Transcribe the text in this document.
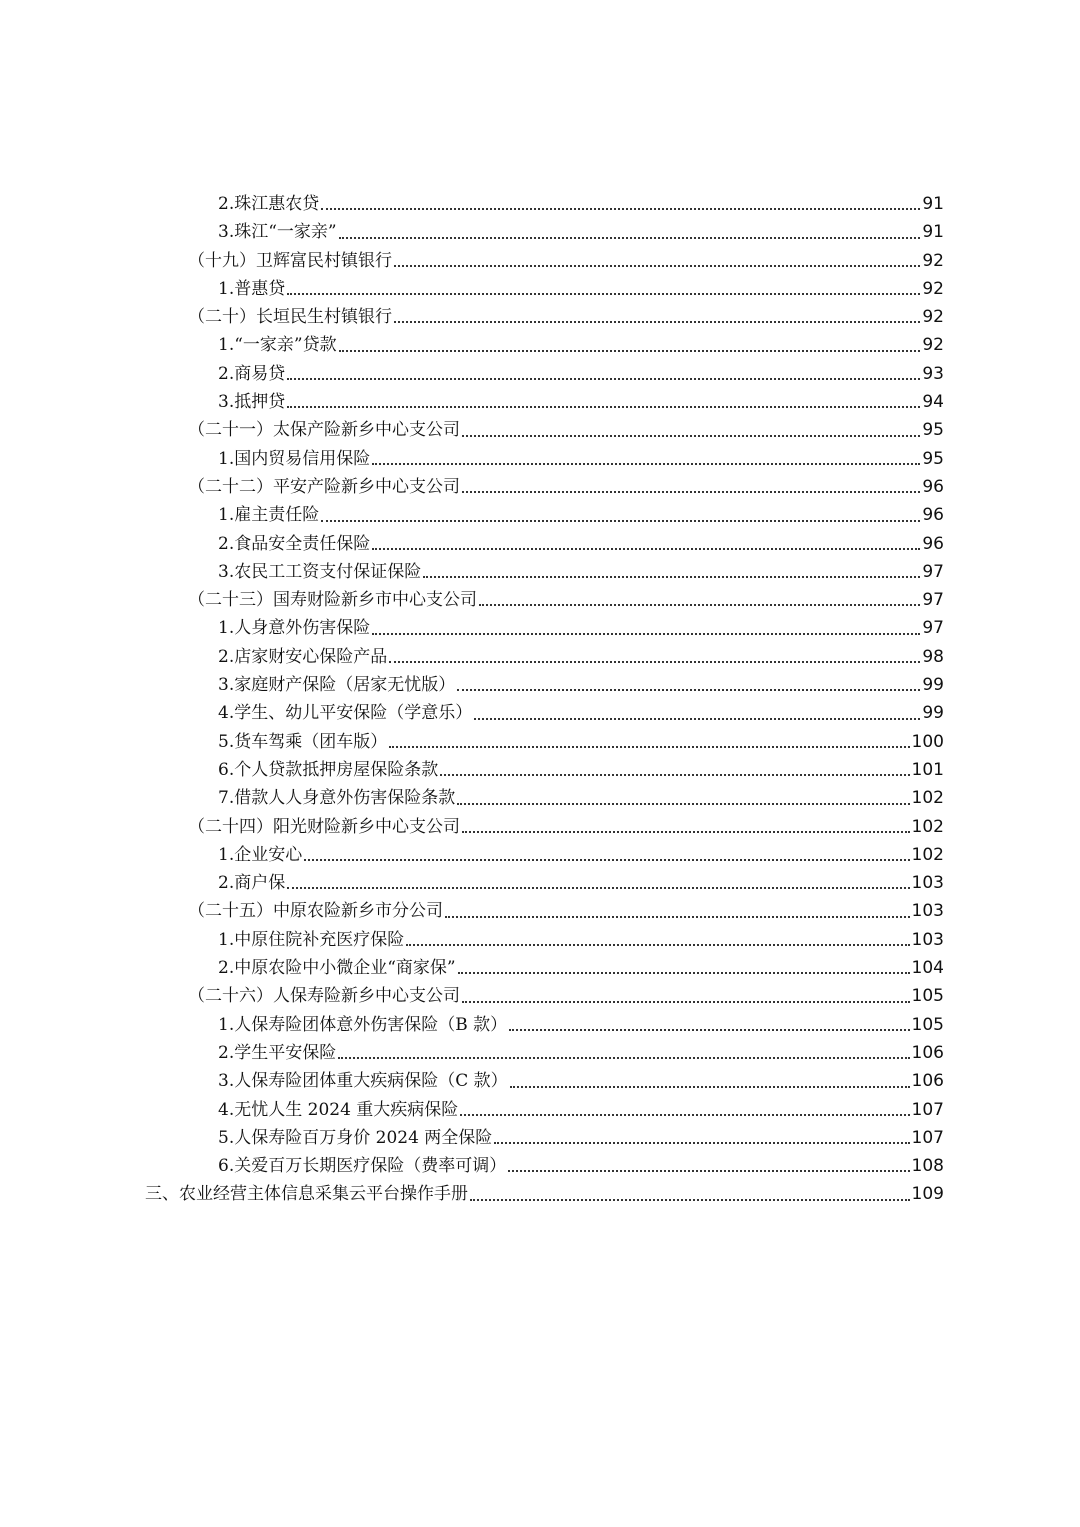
2.珠江惠农贷	91
3.珠江“一家亲”	91
（十九）卫辉富民村镇银行	92
1.普惠贷	92
（二十）长垣民生村镇银行	92
1.“一家亲”贷款	92
2.商易贷	93
3.抵押贷	94
（二十一）太保产险新乡中心支公司	95
1.国内贸易信用保险	95
（二十二）平安产险新乡中心支公司	96
1.雇主责任险	96
2.食品安全责任保险	96
3.农民工工资支付保证保险	97
（二十三）国寿财险新乡市中心支公司	97
1.人身意外伤害保险	97
2.店家财安心保险产品	98
3.家庭财产保险（居家无忧版）	99
4.学生、幼儿平安保险（学意乐）	99
5.货车驾乘（团车版）	100
6.个人贷款抵押房屋保险条款	101
7.借款人人身意外伤害保险条款	102
（二十四）阳光财险新乡中心支公司	102
1.企业安心	102
2.商户保	103
（二十五）中原农险新乡市分公司	103
1.中原住院补充医疗保险	103
2.中原农险中小微企业“商家保”	104
（二十六）人保寿险新乡中心支公司	105
1.人保寿险团体意外伤害保险（B 款）	105
2.学生平安保险	106
3.人保寿险团体重大疾病保险（C 款）	106
4.无忧人生 2024 重大疾病保险	107
5.人保寿险百万身价 2024 两全保险	107
6.关爱百万长期医疗保险（费率可调）	108
三、农业经营主体信息采集云平台操作手册	109
